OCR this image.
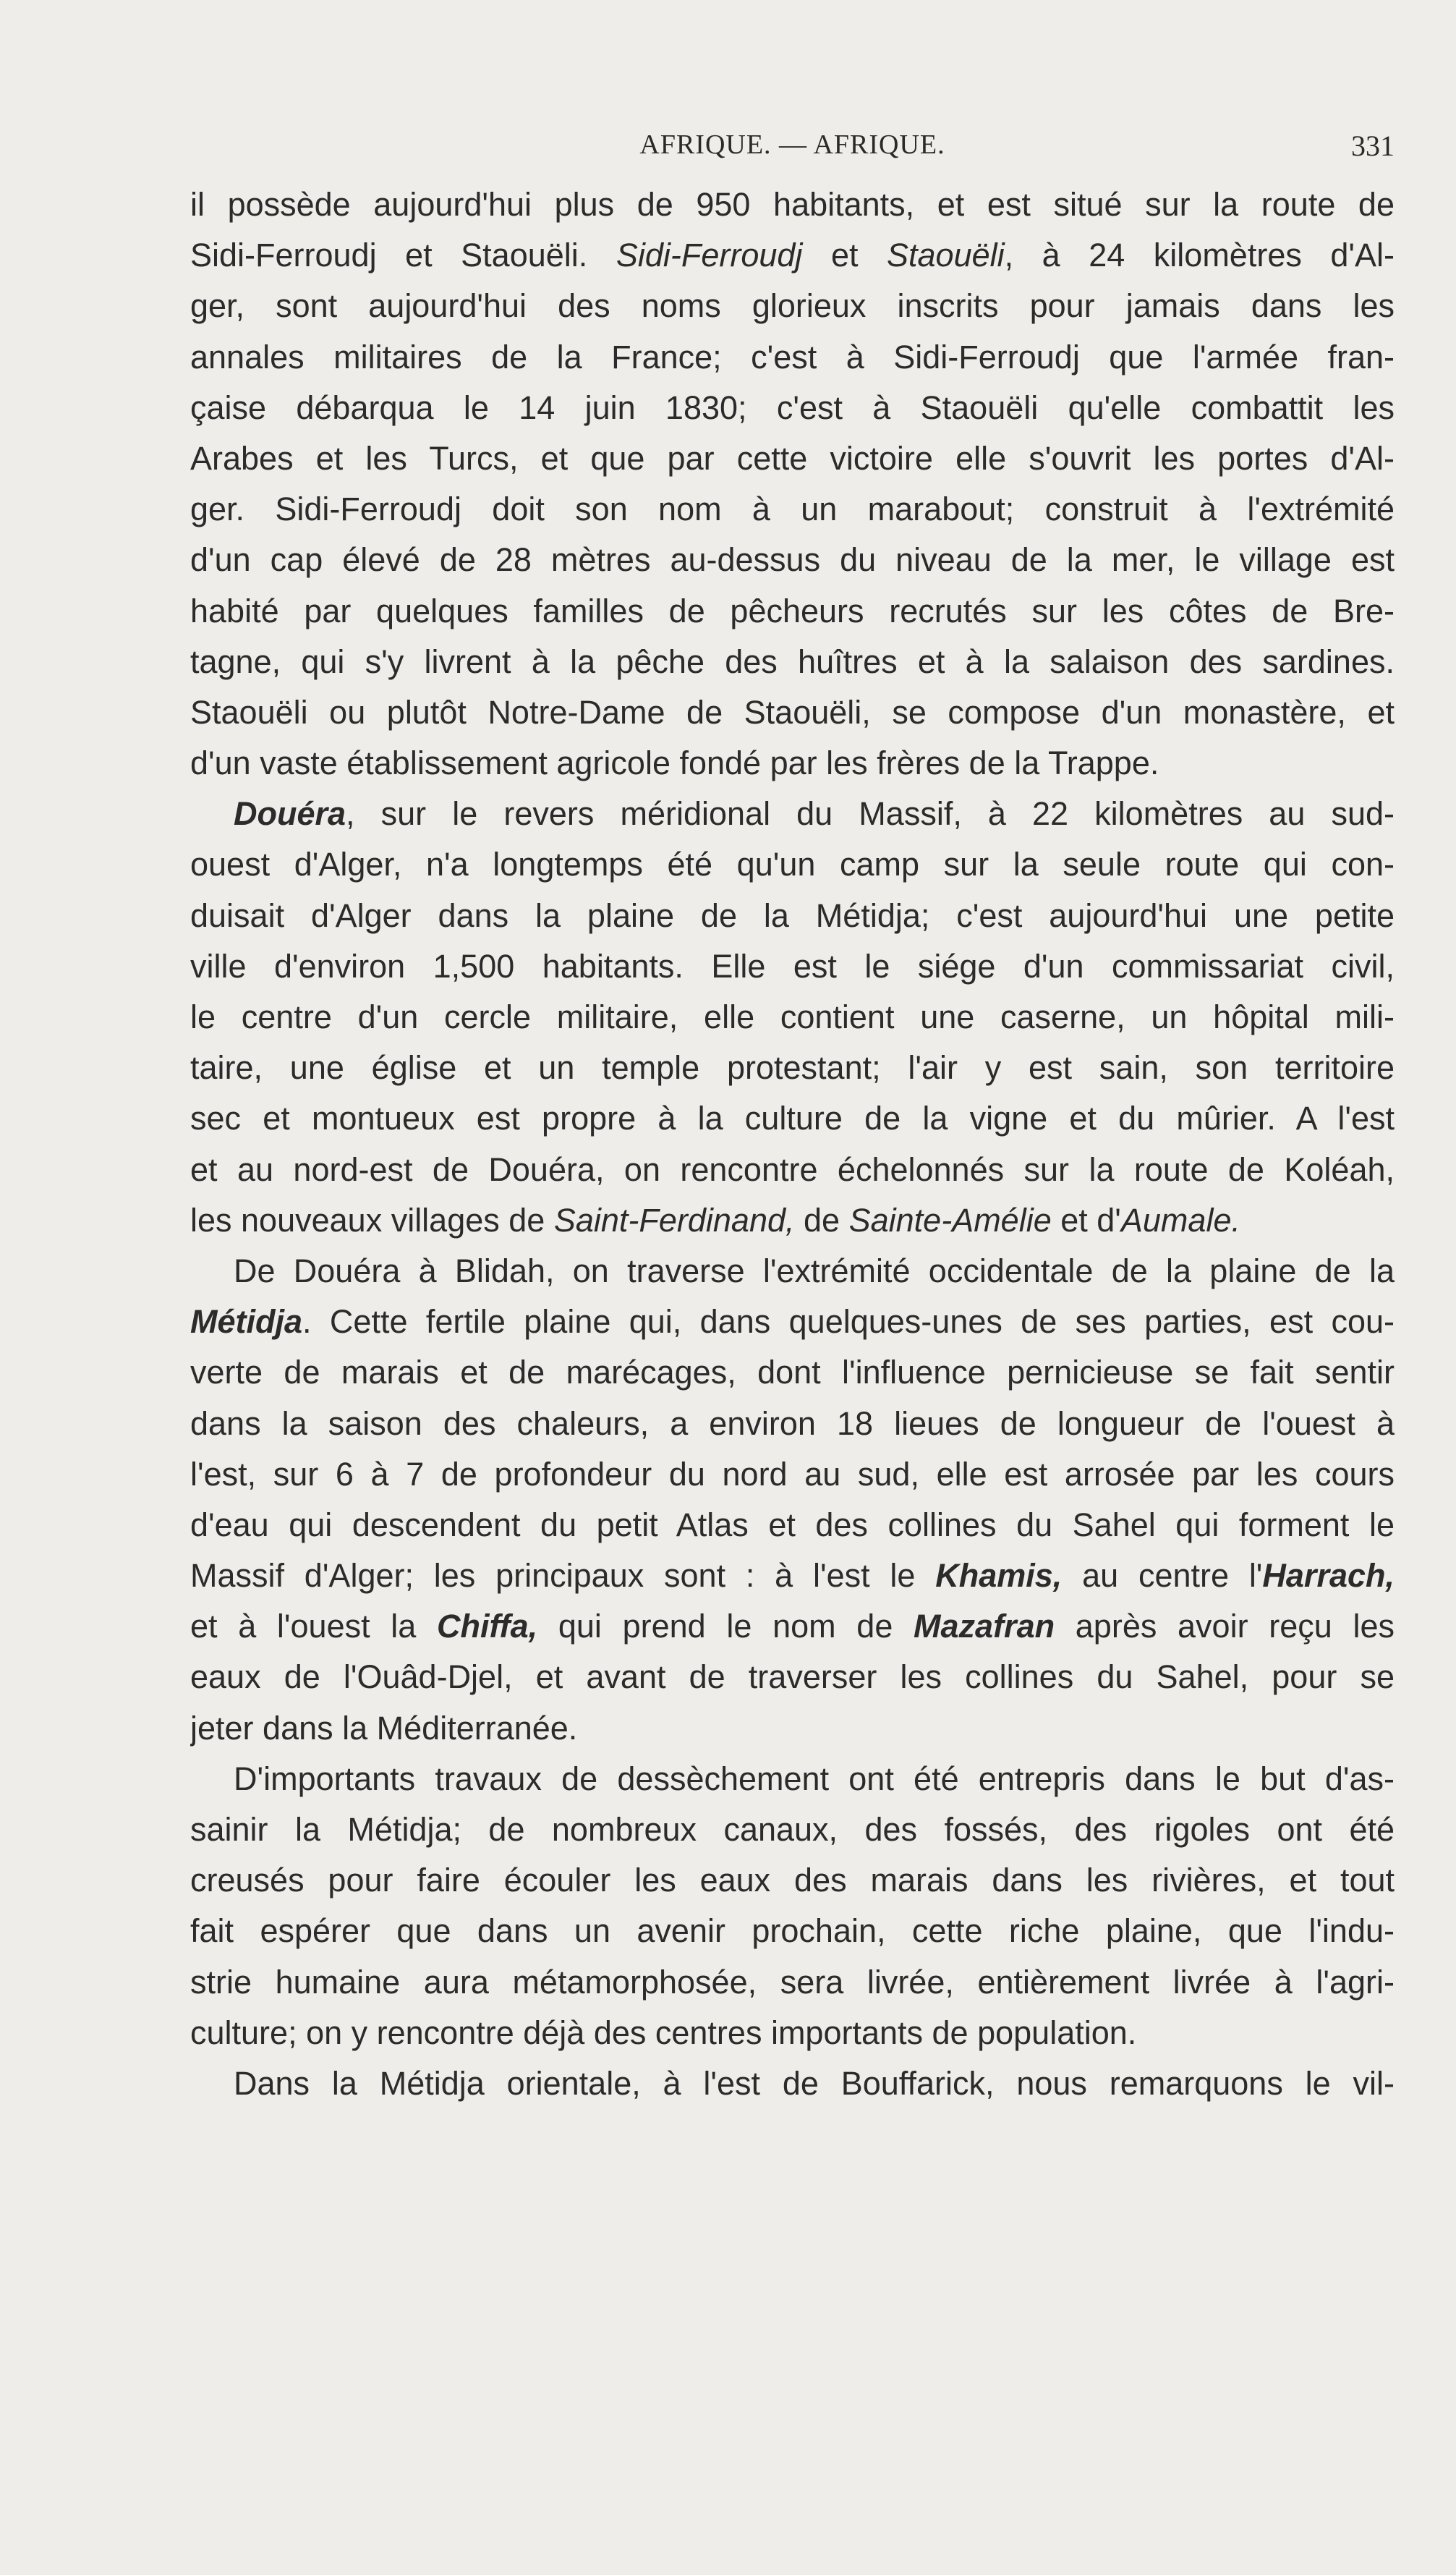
AFRIQUE. — AFRIQUE.	331
il possède aujourd'hui plus de 950 habitants, et est situé sur la route de
Sidi-Ferroudj et Staouëli. Sidi-Ferroudj et Staouëli, à 24 kilomètres d'Al-
ger, sont aujourd'hui des noms glorieux inscrits pour jamais dans les
annales militaires de la France; c'est à Sidi-Ferroudj que l'armée fran-
çaise débarqua le 14 juin 1830; c'est à Staouëli qu'elle combattit les
Arabes et les Turcs, et que par cette victoire elle s'ouvrit les portes d'Al-
ger. Sidi-Ferroudj doit son nom à un marabout; construit à l'extrémité
d'un cap élevé de 28 mètres au-dessus du niveau de la mer, le village est
habité par quelques familles de pêcheurs recrutés sur les côtes de Bre-
tagne, qui s'y livrent à la pêche des huîtres et à la salaison des sardines.
Staouëli ou plutôt Notre-Dame de Staouëli, se compose d'un monastère, et
d'un vaste établissement agricole fondé par les frères de la Trappe.
Douéra, sur le revers méridional du Massif, à 22 kilomètres au sud-
ouest d'Alger, n'a longtemps été qu'un camp sur la seule route qui con-
duisait d'Alger dans la plaine de la Métidja; c'est aujourd'hui une petite
ville d'environ 1,500 habitants. Elle est le siége d'un commissariat civil,
le centre d'un cercle militaire, elle contient une caserne, un hôpital mili-
taire, une église et un temple protestant; l'air y est sain, son territoire
sec et montueux est propre à la culture de la vigne et du mûrier. A l'est
et au nord-est de Douéra, on rencontre échelonnés sur la route de Koléah,
les nouveaux villages de Saint-Ferdinand, de Sainte-Amélie et d'Aumale.
De Douéra à Blidah, on traverse l'extrémité occidentale de la plaine de la
Métidja. Cette fertile plaine qui, dans quelques-unes de ses parties, est cou-
verte de marais et de marécages, dont l'influence pernicieuse se fait sentir
dans la saison des chaleurs, a environ 18 lieues de longueur de l'ouest à
l'est, sur 6 à 7 de profondeur du nord au sud, elle est arrosée par les cours
d'eau qui descendent du petit Atlas et des collines du Sahel qui forment le
Massif d'Alger; les principaux sont : à l'est le Khamis, au centre l'Harrach,
et à l'ouest la Chiffa, qui prend le nom de Mazafran après avoir reçu les
eaux de l'Ouâd-Djel, et avant de traverser les collines du Sahel, pour se
jeter dans la Méditerranée.
D'importants travaux de dessèchement ont été entrepris dans le but d'as-
sainir la Métidja; de nombreux canaux, des fossés, des rigoles ont été
creusés pour faire écouler les eaux des marais dans les rivières, et tout
fait espérer que dans un avenir prochain, cette riche plaine, que l'indu-
strie humaine aura métamorphosée, sera livrée, entièrement livrée à l'agri-
culture; on y rencontre déjà des centres importants de population.
Dans la Métidja orientale, à l'est de Bouffarick, nous remarquons le vil-
